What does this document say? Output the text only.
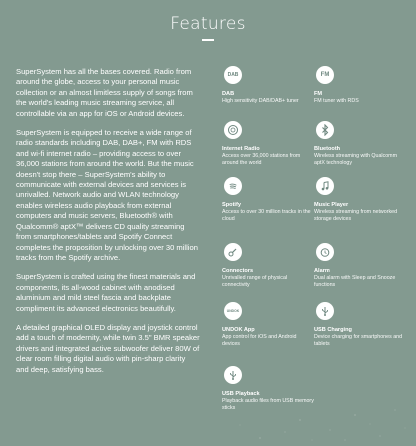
Features

SuperSystem has all the bases covered. Radio from around the globe, access to your personal music collection or an almost limitless supply of songs from the world's leading music streaming service, all controllable via an app for iOS or Android devices.

SuperSystem is equipped to receive a wide range of radio standards including DAB, DAB+, FM with RDS and wi-fi internet radio – providing access to over 36,000 stations from around the world. But the music doesn't stop there – SuperSystem's ability to communicate with external devices and services is unrivalled. Network audio and WLAN technology enables wireless audio playback from external computers and music servers, Bluetooth® with Qualcomm® aptX™ delivers CD quality streaming from smartphones/tablets and Spotify Connect completes the proposition by unlocking over 30 million tracks from the Spotify archive.

SuperSystem is crafted using the finest materials and components, its all-wood cabinet with anodised aluminium and mild steel fascia and backplate compliment its advanced electronics beautifully.

A detailed graphical OLED display and joystick control add a touch of modernity, while twin 3.5" BMR speaker drivers and integrated active subwoofer deliver 80W of clear room filling digital audio with pin-sharp clarity and deep, satisfying bass.

DAB
DAB
High sensitivity DAB/DAB+ tuner
FM
FM
FM tuner with RDS
Internet Radio
Access over 36,000 stations from around the world
Bluetooth
Wireless streaming with Qualcomm aptX technology
Spotify
Access to over 30 million tracks in the cloud
Music Player
Wireless streaming from networked storage devices
Connectors
Unrivalled range of physical connectivity
Alarm
Dual alarm with Sleep and Snooze functions
UNDOK
UNDOK App
App control for iOS and Android devices
USB Charging
Device charging for smartphones and tablets
USB Playback
Playback audio files from USB memory sticks
